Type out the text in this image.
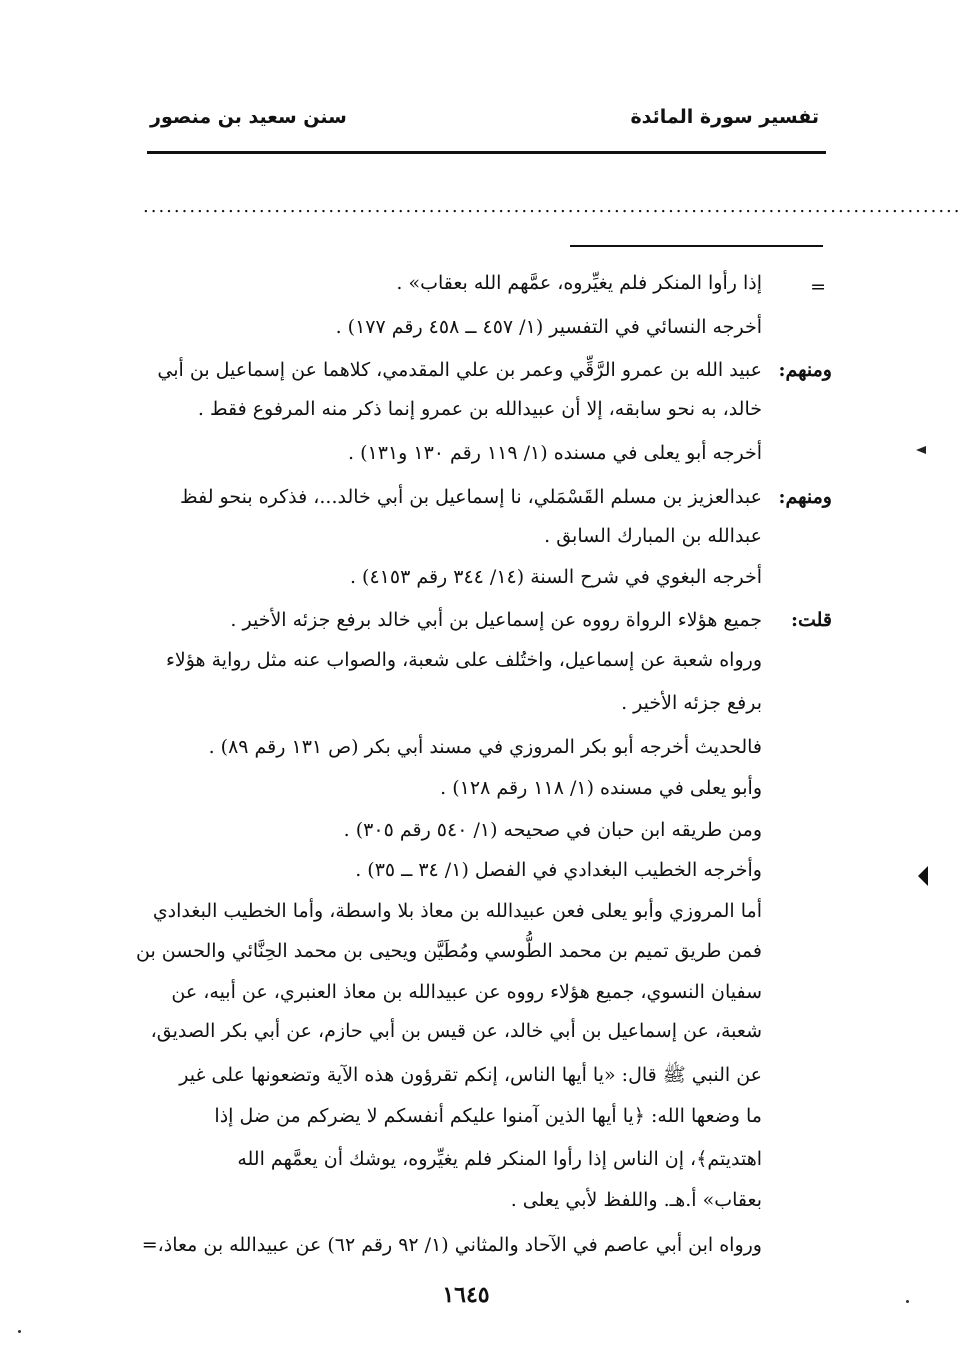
تفسير سورة المائدة
سنن سعيد بن منصور
..........................................................................................................
=
ومنهم:
ومنهم:
قلت:
إذا رأوا المنكر فلم يغيِّروه، عمَّهم الله بعقاب» .
أخرجه النسائي في التفسير (١/ ٤٥٧ ــ ٤٥٨ رقم ١٧٧) .
عبيد الله بن عمرو الرَّقِّي وعمر بن علي المقدمي، كلاهما عن إسماعيل بن أبي
خالد، به نحو سابقه، إلا أن عبيدالله بن عمرو إنما ذكر منه المرفوع فقط .
أخرجه أبو يعلى في مسنده (١/ ١١٩ رقم ١٣٠ و١٣١) .
عبدالعزيز بن مسلم القَسْمَلي، نا إسماعيل بن أبي خالد...، فذكره بنحو لفظ
عبدالله بن المبارك السابق .
أخرجه البغوي في شرح السنة (١٤/ ٣٤٤ رقم ٤١٥٣) .
جميع هؤلاء الرواة رووه عن إسماعيل بن أبي خالد برفع جزئه الأخير .
ورواه شعبة عن إسماعيل، واختُلف على شعبة، والصواب عنه مثل رواية هؤلاء
برفع جزئه الأخير .
فالحديث أخرجه أبو بكر المروزي في مسند أبي بكر (ص ١٣١ رقم ٨٩) .
وأبو يعلى في مسنده (١/ ١١٨ رقم ١٢٨) .
ومن طريقه ابن حبان في صحيحه (١/ ٥٤٠ رقم ٣٠٥) .
وأخرجه الخطيب البغدادي في الفصل (١/ ٣٤ ــ ٣٥) .
أما المروزي وأبو يعلى فعن عبيدالله بن معاذ بلا واسطة، وأما الخطيب البغدادي
فمن طريق تميم بن محمد الطُّوسي ومُطَيَّن ويحيى بن محمد الحِنَّائي والحسن بن
سفيان النسوي، جميع هؤلاء رووه عن عبيدالله بن معاذ العنبري، عن أبيه، عن
شعبة، عن إسماعيل بن أبي خالد، عن قيس بن أبي حازم، عن أبي بكر الصديق،
عن النبي ﷺ قال: «يا أيها الناس، إنكم تقرؤون هذه الآية وتضعونها على غير
ما وضعها الله: ﴿يا أيها الذين آمنوا عليكم أنفسكم لا يضركم من ضل إذا
اهتديتم﴾، إن الناس إذا رأوا المنكر فلم يغيِّروه، يوشك أن يعمَّهم الله
بعقاب» أ.هـ. واللفظ لأبي يعلى .
ورواه ابن أبي عاصم في الآحاد والمثاني (١/ ٩٢ رقم ٦٢) عن عبيدالله بن معاذ،=
١٦٤٥
